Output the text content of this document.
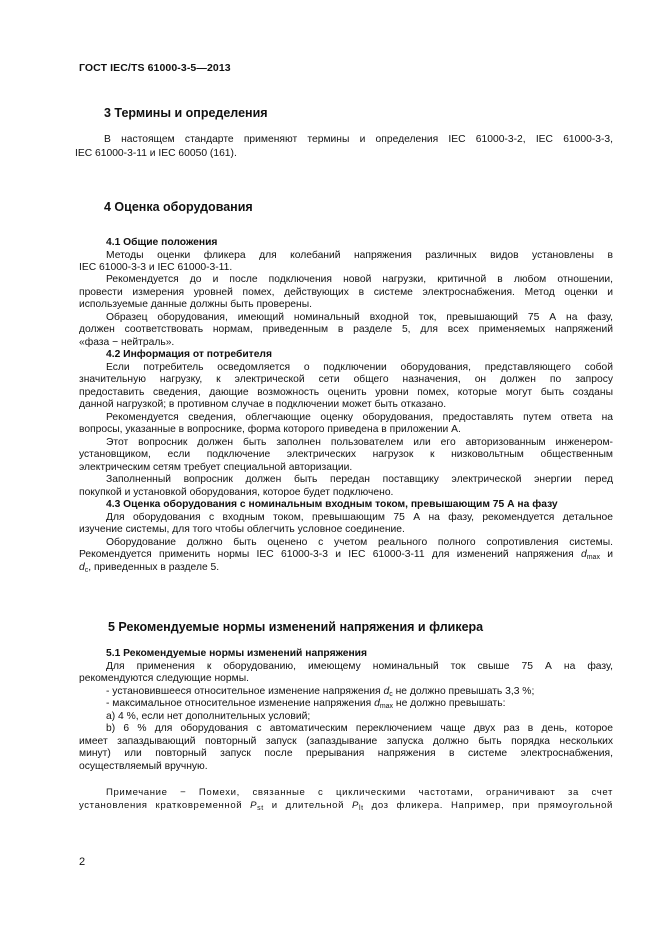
ГОСТ IEC/TS 61000-3-5—2013
3 Термины и определения
В настоящем стандарте применяют термины и определения IEC 61000-3-2, IEC 61000-3-3,
IEC 61000-3-11 и IEC 60050 (161).
4 Оценка оборудования
4.1 Общие положения
Методы оценки фликера для колебаний напряжения различных видов установлены в
IEC 61000-3-3 и IEC 61000-3-11.
Рекомендуется до и после подключения новой нагрузки, критичной в любом отношении,
провести измерения уровней помех, действующих в системе электроснабжения. Метод оценки и
используемые данные должны быть проверены.
Образец оборудования, имеющий номинальный входной ток, превышающий 75 А на фазу,
должен соответствовать нормам, приведенным в разделе 5, для всех применяемых напряжений
«фаза − нейтраль».
4.2 Информация от потребителя
Если потребитель осведомляется о подключении оборудования, представляющего собой
значительную нагрузку, к электрической сети общего назначения, он должен по запросу
предоставить сведения, дающие возможность оценить уровни помех, которые могут быть созданы
данной нагрузкой; в противном случае в подключении может быть отказано.
Рекомендуется сведения, облегчающие оценку оборудования, предоставлять путем ответа на
вопросы, указанные в вопроснике, форма которого приведена в приложении А.
Этот вопросник должен быть заполнен пользователем или его авторизованным инженером-
установщиком, если подключение электрических нагрузок к низковольтным общественным
электрическим сетям требует специальной авторизации.
Заполненный вопросник должен быть передан поставщику электрической энергии перед
покупкой и установкой оборудования, которое будет подключено.
4.3 Оценка оборудования с номинальным входным током, превышающим 75 А на фазу
Для оборудования с входным током, превышающим 75 А на фазу, рекомендуется детальное
изучение системы, для того чтобы облегчить условное соединение.
Оборудование должно быть оценено с учетом реального полного сопротивления системы.
Рекомендуется применить нормы IEC 61000-3-3 и IEC 61000-3-11 для изменений напряжения $d_{max}$ и
$d_c$, приведенных в разделе 5.
5 Рекомендуемые нормы изменений напряжения и фликера
5.1 Рекомендуемые нормы изменений напряжения
Для применения к оборудованию, имеющему номинальный ток свыше 75 А на фазу,
рекомендуются следующие нормы.
- установившееся относительное изменение напряжения $d_c$ не должно превышать 3,3 %;
- максимальное относительное изменение напряжения $d_{max}$ не должно превышать:
а) 4 %, если нет дополнительных условий;
b) 6 % для оборудования с автоматическим переключением чаще двух раз в день, которое
имеет запаздывающий повторный запуск (запаздывание запуска должно быть порядка нескольких
минут) или повторный запуск после прерывания напряжения в системе электроснабжения,
осуществляемый вручную.
Примечание − Помехи, связанные с циклическими частотами, ограничивают за счет
установления кратковременной $P_{st}$ и длительной $P_{lt}$ доз фликера. Например, при прямоугольной
2
